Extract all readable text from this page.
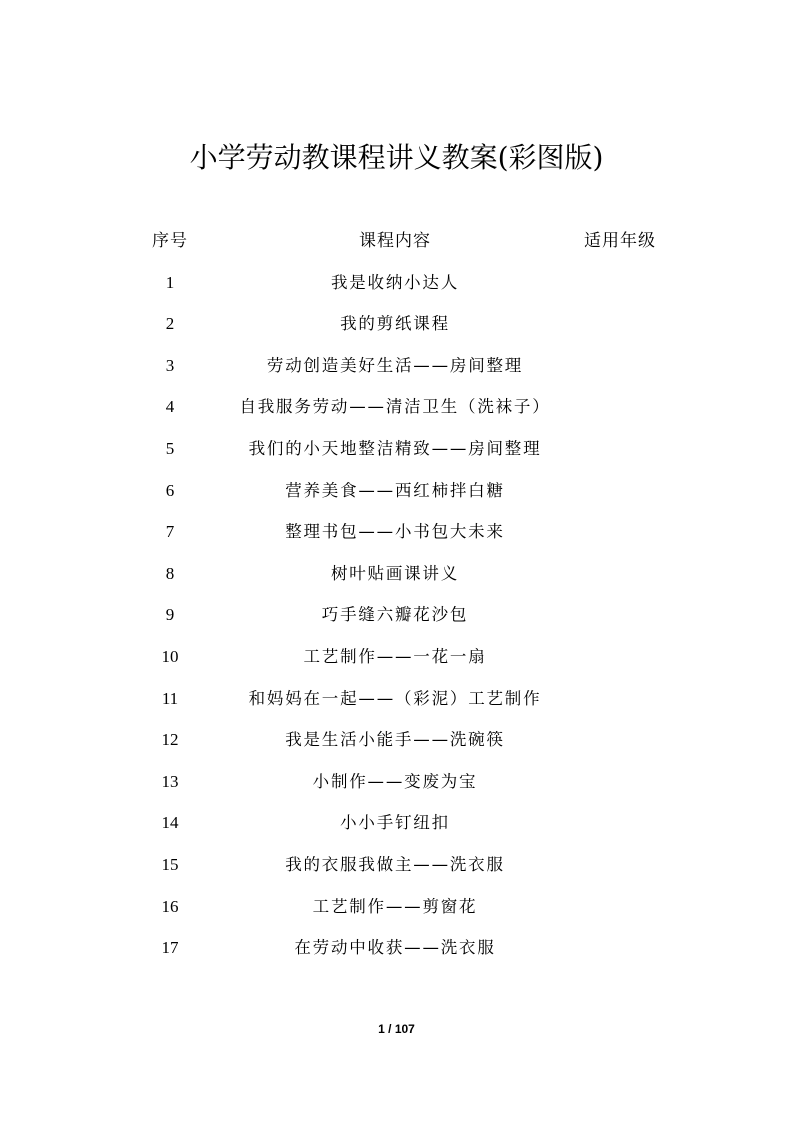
小学劳动教课程讲义教案(彩图版)
序号	课程内容	适用年级
1	我是收纳小达人
2	我的剪纸课程
3	劳动创造美好生活——房间整理
4	自我服务劳动——清洁卫生（洗袜子）
5	我们的小天地整洁精致——房间整理
6	营养美食——西红柿拌白糖
7	整理书包——小书包大未来
8	树叶贴画课讲义
9	巧手缝六瓣花沙包
10	工艺制作——一花一扇
11	和妈妈在一起——（彩泥）工艺制作
12	我是生活小能手——洗碗筷
13	小制作——变废为宝
14	小小手钉纽扣
15	我的衣服我做主——洗衣服
16	工艺制作——剪窗花
17	在劳动中收获——洗衣服
1 / 107
